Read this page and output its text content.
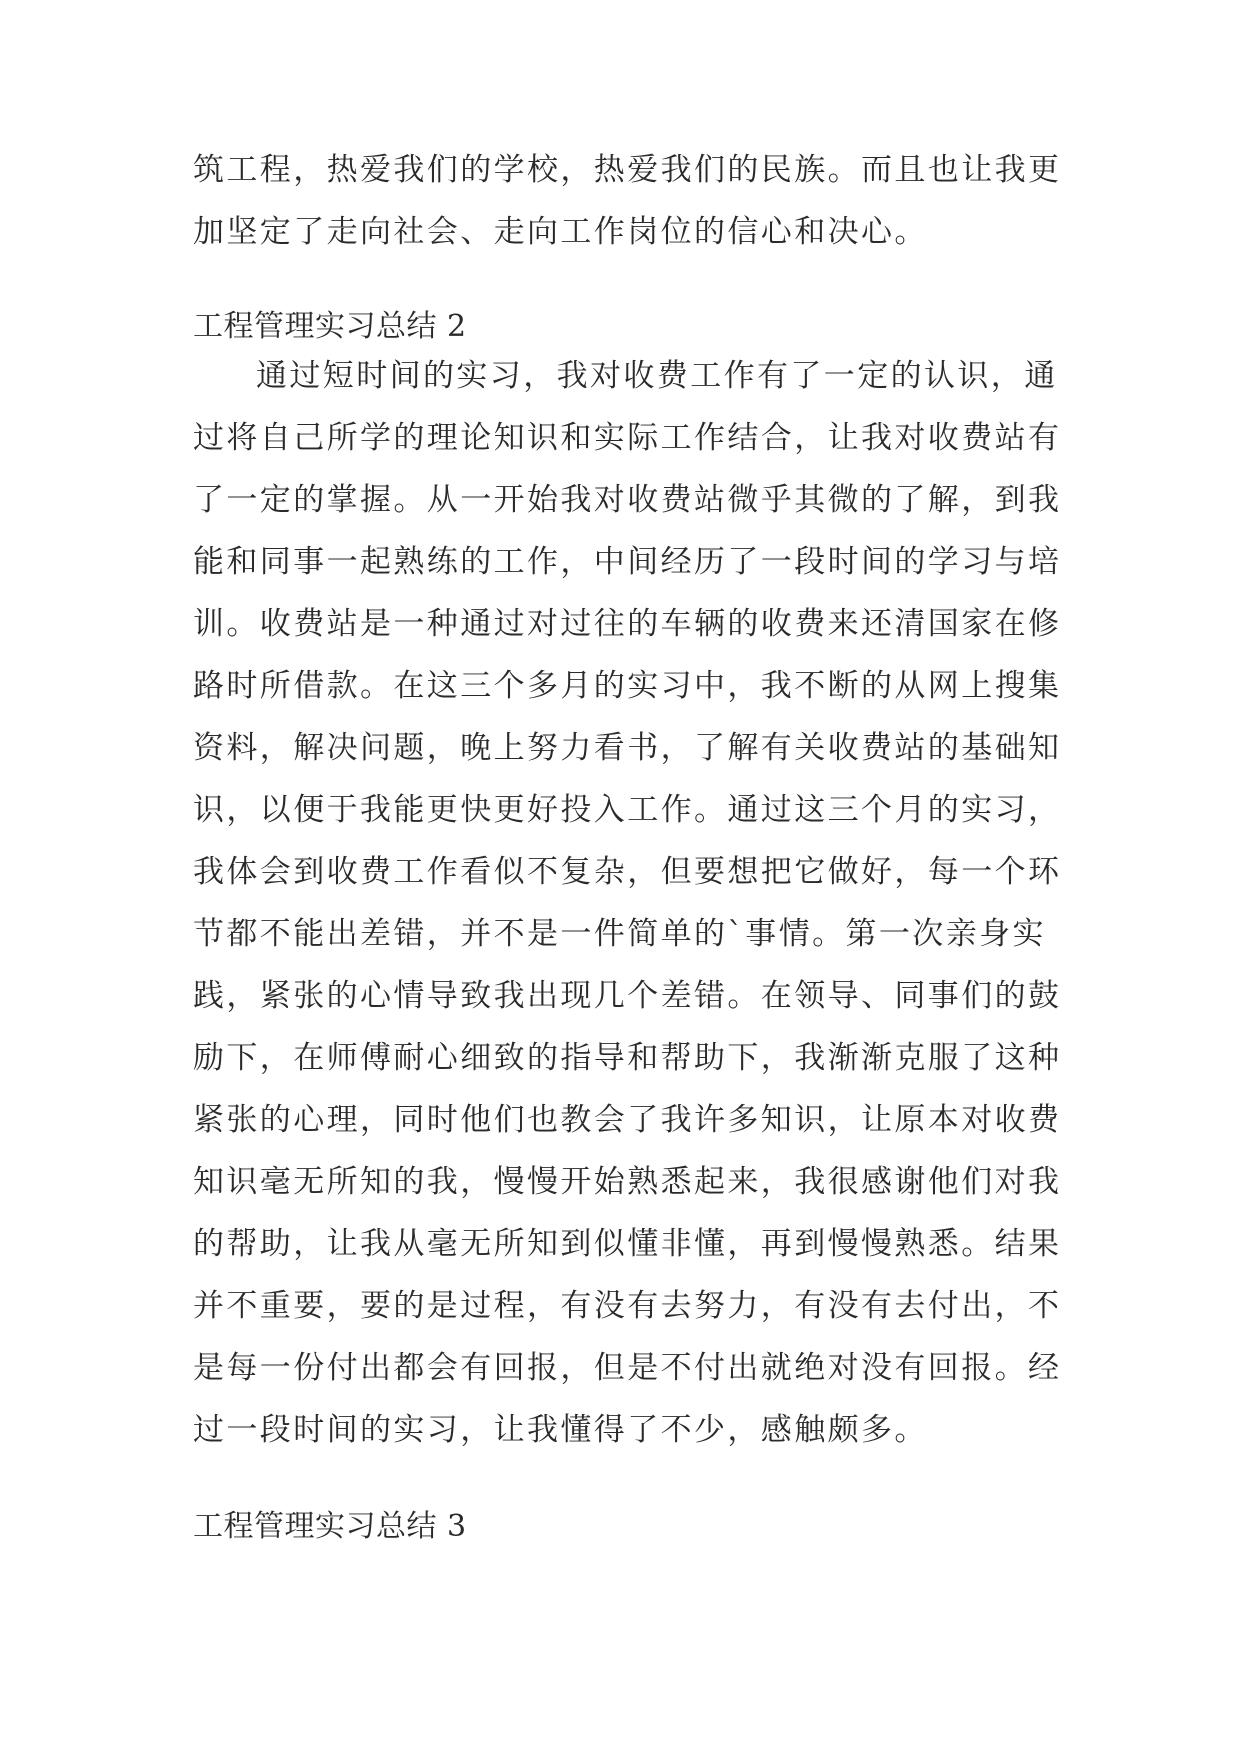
筑工程，热爱我们的学校，热爱我们的民族。而且也让我更
加坚定了走向社会、走向工作岗位的信心和决心。
工程管理实习总结 2
通过短时间的实习，我对收费工作有了一定的认识，通
过将自己所学的理论知识和实际工作结合，让我对收费站有
了一定的掌握。从一开始我对收费站微乎其微的了解，到我
能和同事一起熟练的工作，中间经历了一段时间的学习与培
训。收费站是一种通过对过往的车辆的收费来还清国家在修
路时所借款。在这三个多月的实习中，我不断的从网上搜集
资料，解决问题，晚上努力看书，了解有关收费站的基础知
识，以便于我能更快更好投入工作。通过这三个月的实习，
我体会到收费工作看似不复杂，但要想把它做好，每一个环
节都不能出差错，并不是一件简单的`事情。第一次亲身实
践，紧张的心情导致我出现几个差错。在领导、同事们的鼓
励下，在师傅耐心细致的指导和帮助下，我渐渐克服了这种
紧张的心理，同时他们也教会了我许多知识，让原本对收费
知识毫无所知的我，慢慢开始熟悉起来，我很感谢他们对我
的帮助，让我从毫无所知到似懂非懂，再到慢慢熟悉。结果
并不重要，要的是过程，有没有去努力，有没有去付出，不
是每一份付出都会有回报，但是不付出就绝对没有回报。经
过一段时间的实习，让我懂得了不少，感触颇多。
工程管理实习总结 3
